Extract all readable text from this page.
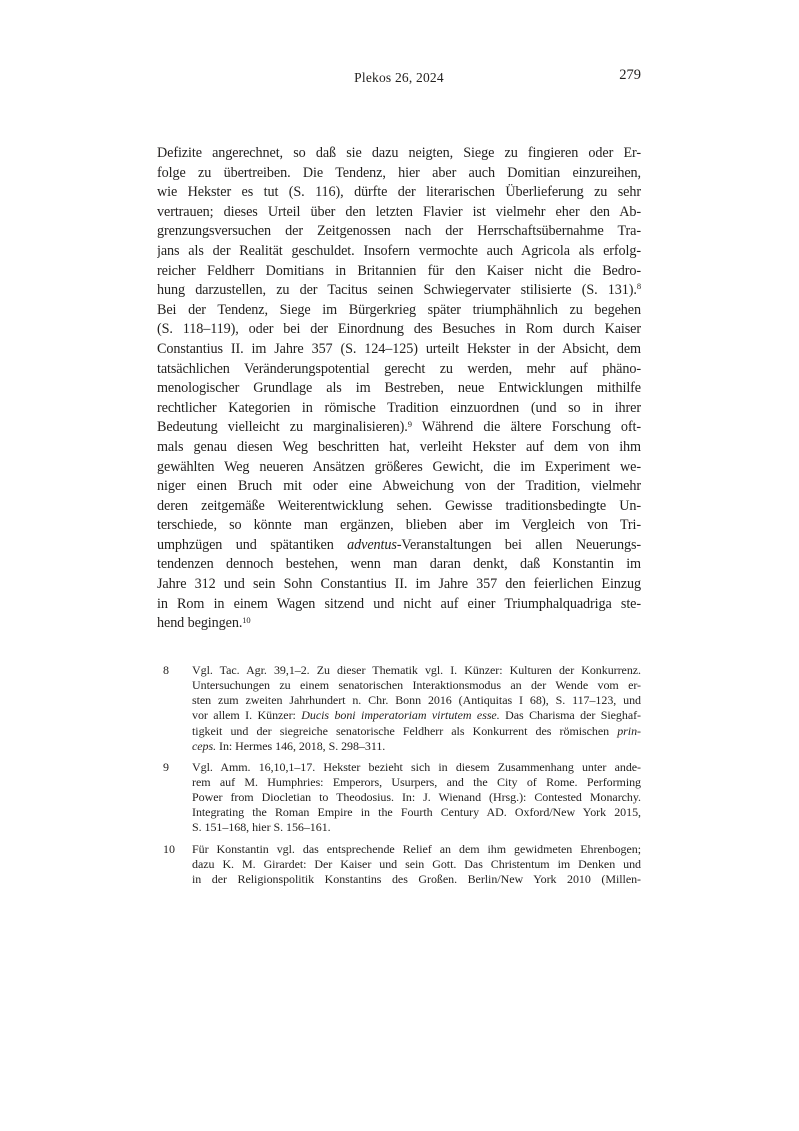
Plekos 26, 2024	279
Defizite angerechnet, so daß sie dazu neigten, Siege zu fingieren oder Er-
folge zu übertreiben. Die Tendenz, hier aber auch Domitian einzureihen,
wie Hekster es tut (S. 116), dürfte der literarischen Überlieferung zu sehr
vertrauen; dieses Urteil über den letzten Flavier ist vielmehr eher den Ab-
grenzungsversuchen der Zeitgenossen nach der Herrschaftsübernahme Tra-
jans als der Realität geschuldet. Insofern vermochte auch Agricola als erfolg-
reicher Feldherr Domitians in Britannien für den Kaiser nicht die Bedro-
hung darzustellen, zu der Tacitus seinen Schwiegervater stilisierte (S. 131).$^8$
Bei der Tendenz, Siege im Bürgerkrieg später triumphähnlich zu begehen
(S. 118–119), oder bei der Einordnung des Besuches in Rom durch Kaiser
Constantius II. im Jahre 357 (S. 124–125) urteilt Hekster in der Absicht, dem
tatsächlichen Veränderungspotential gerecht zu werden, mehr auf phäno-
menologischer Grundlage als im Bestreben, neue Entwicklungen mithilfe
rechtlicher Kategorien in römische Tradition einzuordnen (und so in ihrer
Bedeutung vielleicht zu marginalisieren).$^9$ Während die ältere Forschung oft-
mals genau diesen Weg beschritten hat, verleiht Hekster auf dem von ihm
gewählten Weg neueren Ansätzen größeres Gewicht, die im Experiment we-
niger einen Bruch mit oder eine Abweichung von der Tradition, vielmehr
deren zeitgemäße Weiterentwicklung sehen. Gewisse traditionsbedingte Un-
terschiede, so könnte man ergänzen, blieben aber im Vergleich von Tri-
umphzügen und spätantiken adventus-Veranstaltungen bei allen Neuerungs-
tendenzen dennoch bestehen, wenn man daran denkt, daß Konstantin im
Jahre 312 und sein Sohn Constantius II. im Jahre 357 den feierlichen Einzug
in Rom in einem Wagen sitzend und nicht auf einer Triumphalquadriga ste-
hend begingen.$^{10}$
8 Vgl. Tac. Agr. 39,1–2. Zu dieser Thematik vgl. I. Künzer: Kulturen der Konkurrenz.
Untersuchungen zu einem senatorischen Interaktionsmodus an der Wende vom er-
sten zum zweiten Jahrhundert n. Chr. Bonn 2016 (Antiquitas I 68), S. 117–123, und
vor allem I. Künzer: Ducis boni imperatoriam virtutem esse. Das Charisma der Sieghaf-
tigkeit und der siegreiche senatorische Feldherr als Konkurrent des römischen prin-
ceps. In: Hermes 146, 2018, S. 298–311.
9 Vgl. Amm. 16,10,1–17. Hekster bezieht sich in diesem Zusammenhang unter ande-
rem auf M. Humphries: Emperors, Usurpers, and the City of Rome. Performing
Power from Diocletian to Theodosius. In: J. Wienand (Hrsg.): Contested Monarchy.
Integrating the Roman Empire in the Fourth Century AD. Oxford/New York 2015,
S. 151–168, hier S. 156–161.
10 Für Konstantin vgl. das entsprechende Relief an dem ihm gewidmeten Ehrenbogen;
dazu K. M. Girardet: Der Kaiser und sein Gott. Das Christentum im Denken und
in der Religionspolitik Konstantins des Großen. Berlin/New York 2010 (Millen-
